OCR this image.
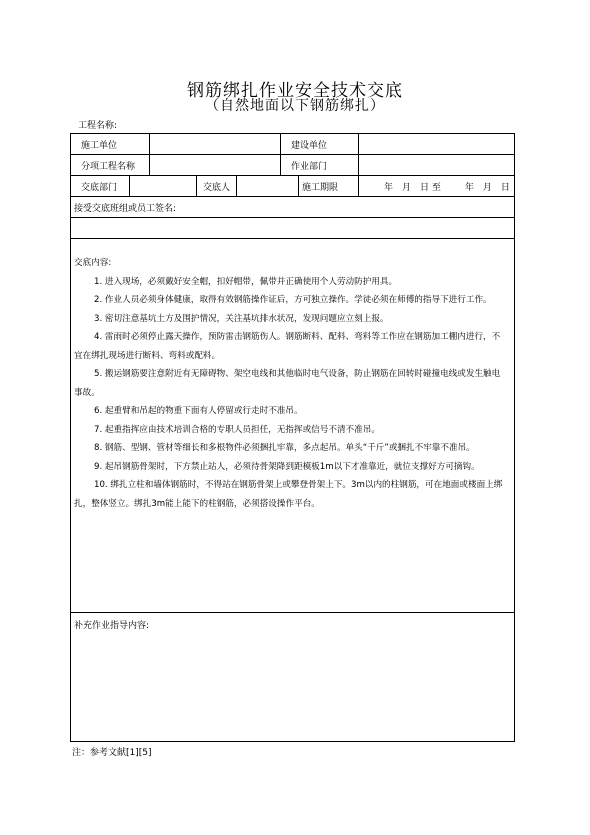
钢筋绑扎作业安全技术交底
（自然地面以下钢筋绑扎）
工程名称:
施工单位	建设单位
分项工程名称	作业部门
交底部门	交底人	施工期限	年　月　日 至	年　月　日
接受交底班组或员工签名:

交底内容:

1. 进入现场，必须戴好安全帽，扣好帽带，佩带并正确使用个人劳动防护用具。

2. 作业人员必须身体健康，取得有效钢筋操作证后，方可独立操作。学徒必须在师傅的指导下进行工作。

3. 密切注意基坑土方及围护情况，关注基坑排水状况，发现问题应立刻上报。

4. 雷雨时必须停止露天操作，预防雷击钢筋伤人。钢筋断料、配料、弯料等工作应在钢筋加工棚内进行，不宜在绑扎现场进行断料、弯料或配料。

5. 搬运钢筋要注意附近有无障碍物、架空电线和其他临时电气设备，防止钢筋在回转时碰撞电线或发生触电事故。

6. 起重臂和吊起的物重下面有人停留或行走时不准吊。

7. 起重指挥应由技术培训合格的专职人员担任，无指挥或信号不清不准吊。

8. 钢筋、型钢、管材等细长和多根物件必须捆扎牢靠，多点起吊。单头“千斤”或捆扎不牢靠不准吊。

9. 起吊钢筋骨架时，下方禁止站人，必须待骨架降到距模板1m以下才准靠近，就位支撑好方可摘钩。

10. 绑扎立柱和墙体钢筋时，不得站在钢筋骨架上或攀登骨架上下。3m以内的柱钢筋，可在地面或楼面上绑扎，整体竖立。绑扎3m能上能下的柱钢筋，必须搭设操作平台。

补充作业指导内容:
注：参考文献[1][5]
